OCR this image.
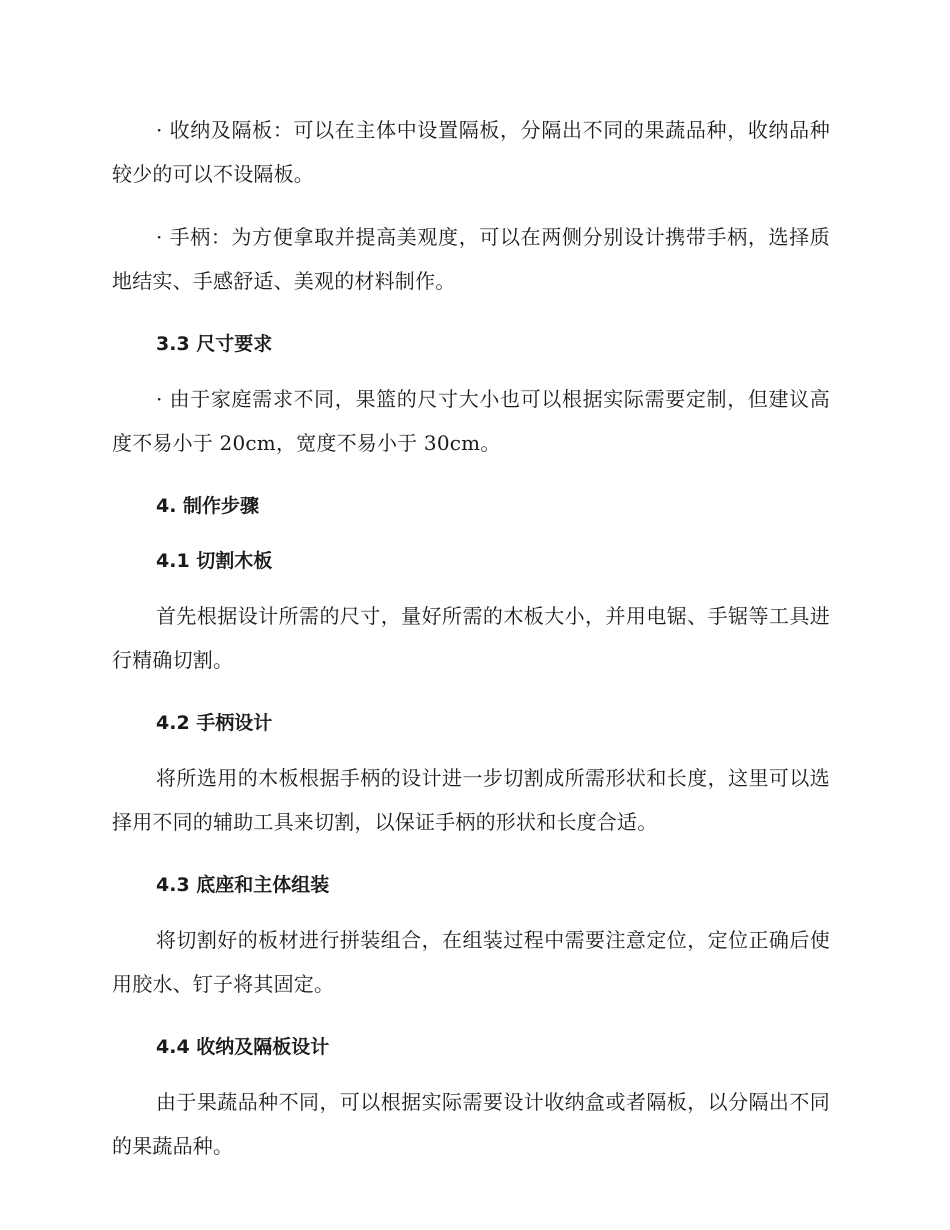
· 收纳及隔板：可以在主体中设置隔板，分隔出不同的果蔬品种，收纳品种较少的可以不设隔板。

· 手柄：为方便拿取并提高美观度，可以在两侧分别设计携带手柄，选择质地结实、手感舒适、美观的材料制作。

3.3 尺寸要求

· 由于家庭需求不同，果篮的尺寸大小也可以根据实际需要定制，但建议高度不易小于 20cm，宽度不易小于 30cm。

4. 制作步骤
4.1 切割木板

首先根据设计所需的尺寸，量好所需的木板大小，并用电锯、手锯等工具进行精确切割。

4.2 手柄设计

将所选用的木板根据手柄的设计进一步切割成所需形状和长度，这里可以选择用不同的辅助工具来切割，以保证手柄的形状和长度合适。

4.3 底座和主体组装

将切割好的板材进行拼装组合，在组装过程中需要注意定位，定位正确后使用胶水、钉子将其固定。

4.4 收纳及隔板设计

由于果蔬品种不同，可以根据实际需要设计收纳盒或者隔板，以分隔出不同的果蔬品种。
